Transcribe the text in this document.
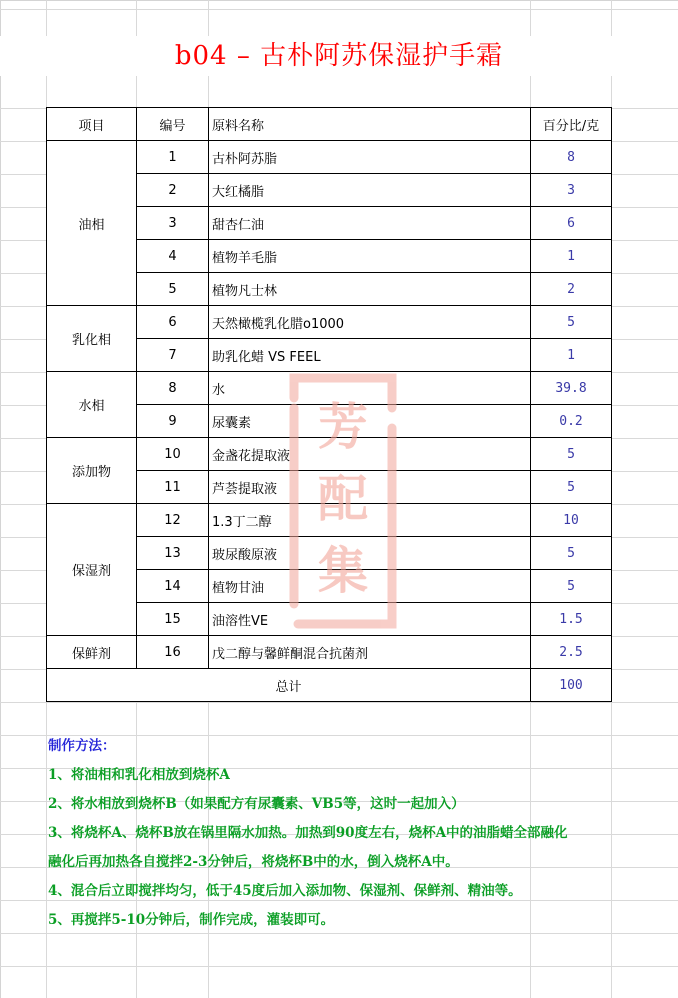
b04 – 古朴阿苏保湿护手霜
项目	编号	原料名称	百分比/克
油相	1	古朴阿苏脂	8
	2	大红橘脂	3
	3	甜杏仁油	6
	4	植物羊毛脂	1
	5	植物凡士林	2
乳化相	6	天然橄榄乳化腊o1000	5
	7	助乳化蜡 VS FEEL	1
水相	8	水	39.8
	9	尿囊素	0.2
添加物	10	金盏花提取液	5
	11	芦荟提取液	5
保湿剂	12	1.3丁二醇	10
	13	玻尿酸原液	5
	14	植物甘油	5
	15	油溶性VE	1.5
保鲜剂	16	戊二醇与馨鲜酮混合抗菌剂	2.5
总计			100
芳
配
集
制作方法：
1、将油相和乳化相放到烧杯A
2、将水相放到烧杯B（如果配方有尿囊素、VB5等，这时一起加入）
3、将烧杯A、烧杯B放在锅里隔水加热。加热到90度左右，烧杯A中的油脂蜡全部融化
融化后再加热各自搅拌2-3分钟后，将烧杯B中的水，倒入烧杯A中。
4、混合后立即搅拌均匀，低于45度后加入添加物、保湿剂、保鲜剂、精油等。
5、再搅拌5-10分钟后，制作完成，灌装即可。
